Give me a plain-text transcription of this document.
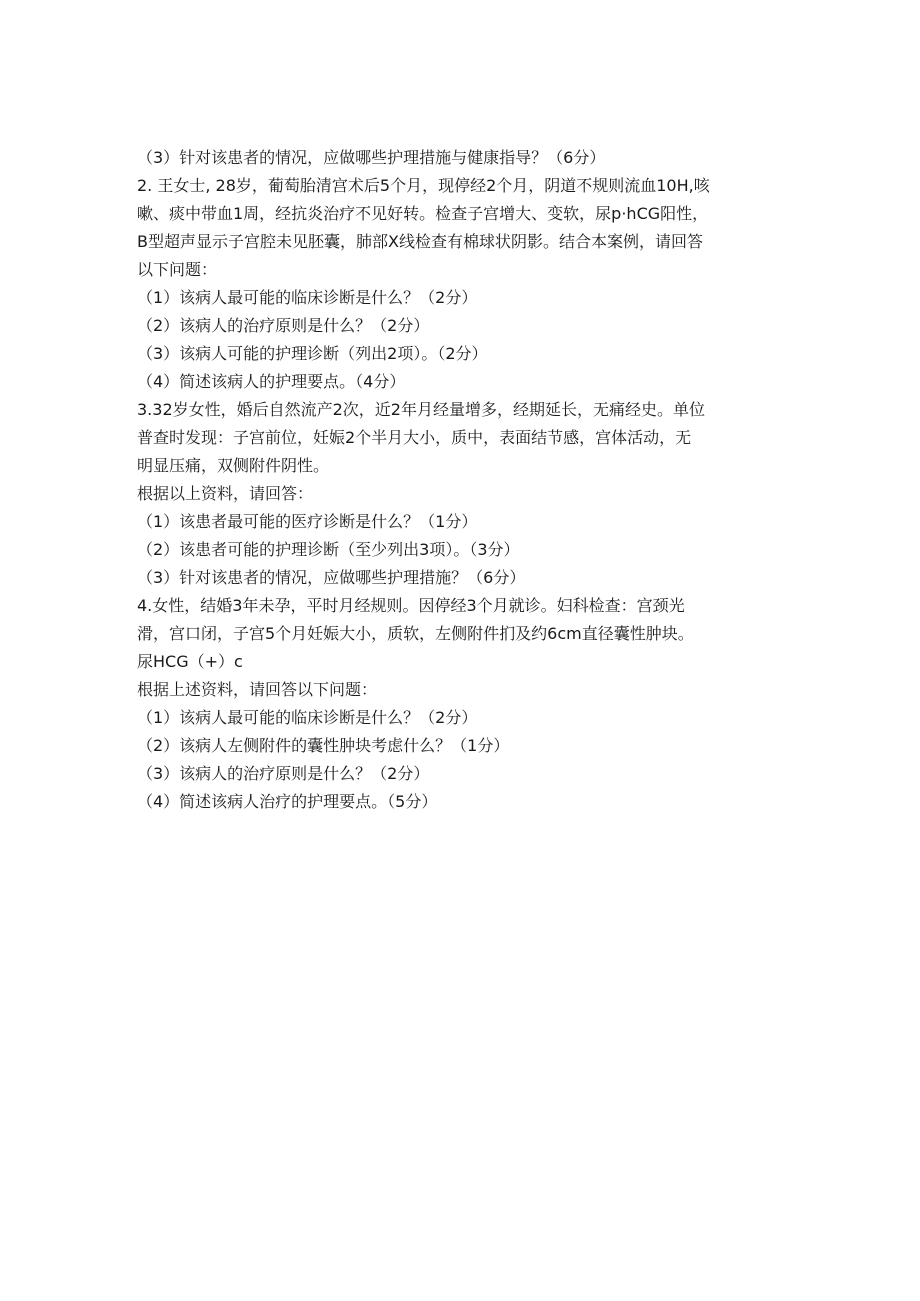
（3）针对该患者的情况，应做哪些护理措施与健康指导？（6分）

2. 王女士, 28岁，葡萄胎清宫术后5个月，现停经2个月，阴道不规则流血10H,咳

嗽、痰中带血1周，经抗炎治疗不见好转。检查子宫增大、变软，尿p·hCG阳性，

B型超声显示子宫腔未见胚囊，肺部X线检查有棉球状阴影。结合本案例，请回答

以下问题：

（1）该病人最可能的临床诊断是什么？（2分）

（2）该病人的治疗原则是什么？（2分）

（3）该病人可能的护理诊断（列出2项）。（2分）

（4）简述该病人的护理要点。（4分）

3.32岁女性，婚后自然流产2次，近2年月经量增多，经期延长，无痛经史。单位

普查时发现：子宫前位，妊娠2个半月大小，质中，表面结节感，宫体活动，无

明显压痛，双侧附件阴性。

根据以上资料，请回答：

（1）该患者最可能的医疗诊断是什么？（1分）

（2）该患者可能的护理诊断（至少列出3项）。（3分）

（3）针对该患者的情况，应做哪些护理措施？（6分）

4.女性，结婚3年未孕，平时月经规则。因停经3个月就诊。妇科检查：宫颈光

滑，宫口闭，子宫5个月妊娠大小，质软，左侧附件扪及约6cm直径囊性肿块。

尿HCG（+）c

根据上述资料，请回答以下问题：

（1）该病人最可能的临床诊断是什么？（2分）

（2）该病人左侧附件的囊性肿块考虑什么？（1分）

（3）该病人的治疗原则是什么？（2分）

（4）简述该病人治疗的护理要点。（5分）
